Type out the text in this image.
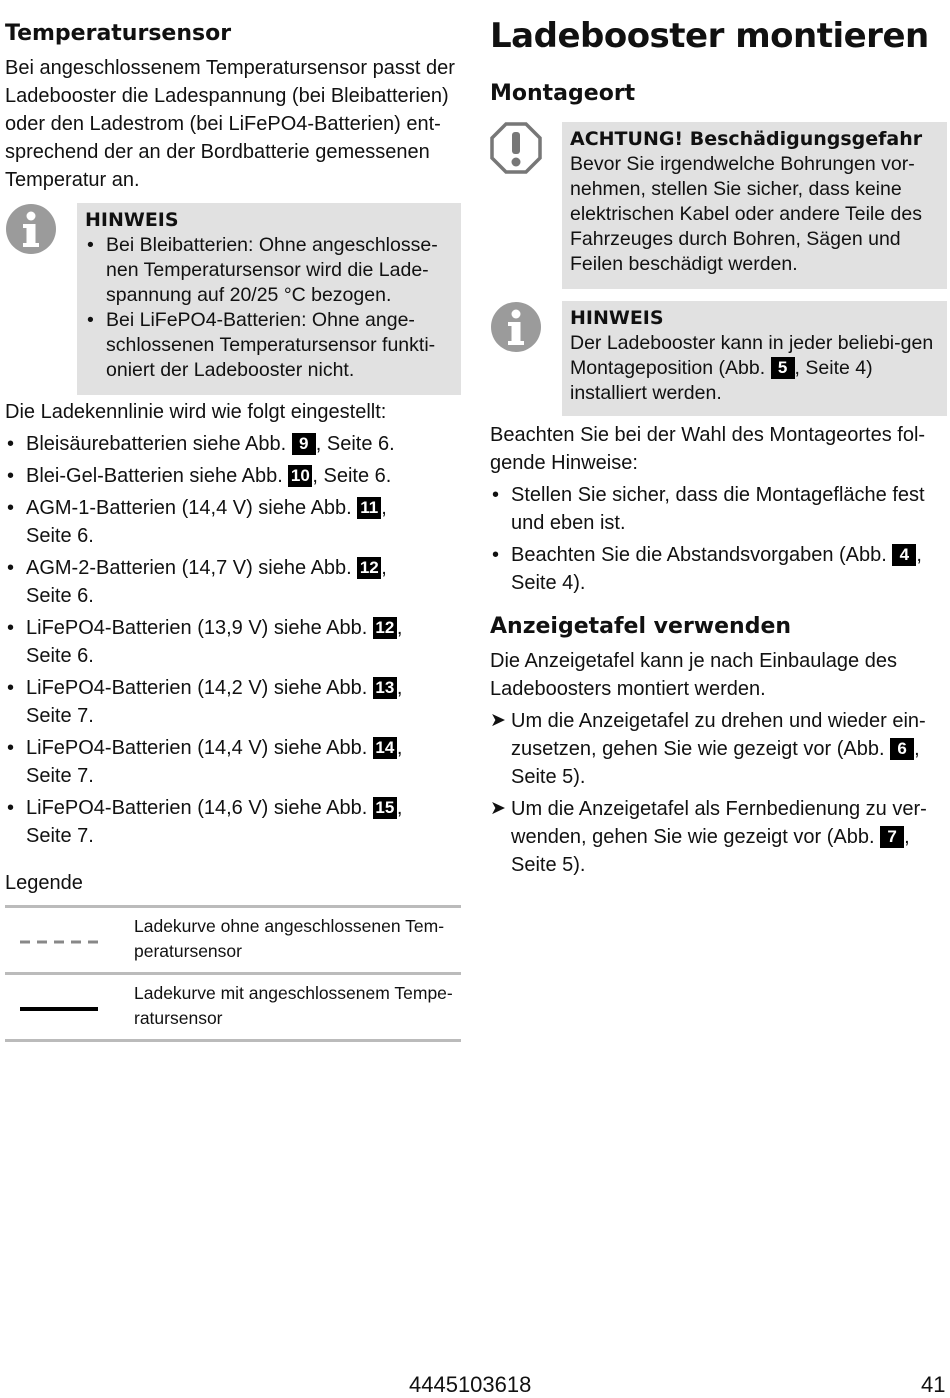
Temperatursensor

Bei angeschlossenem Temperatursensor passt der Ladebooster die Ladespannung (bei Bleibatterien) oder den Ladestrom (bei LiFePO4-Batterien) ent-sprechend der an der Bordbatterie gemessenen Temperatur an.

HINWEIS
• Bei Bleibatterien: Ohne angeschlosse-nen Temperatursensor wird die Lade-spannung auf 20/25 °C bezogen.
• Bei LiFePO4-Batterien: Ohne ange-schlossenen Temperatursensor funkti-oniert der Ladebooster nicht.

Die Ladekennlinie wird wie folgt eingestellt:

• Bleisäurebatterien siehe Abb. 9 , Seite 6.
• Blei-Gel-Batterien siehe Abb. 10 , Seite 6.
• AGM-1-Batterien (14,4 V) siehe Abb. 11 , Seite 6.
• AGM-2-Batterien (14,7 V) siehe Abb. 12 , Seite 6.
• LiFePO4-Batterien (13,9 V) siehe Abb. 12 , Seite 6.
• LiFePO4-Batterien (14,2 V) siehe Abb. 13 , Seite 7.
• LiFePO4-Batterien (14,4 V) siehe Abb. 14 , Seite 7.
• LiFePO4-Batterien (14,6 V) siehe Abb. 15 , Seite 7.

Legende

	Ladekurve ohne angeschlossenen Tem-peratursensor
	Ladekurve mit angeschlossenem Tempe-ratursensor
Ladebooster montieren
Montageort
ACHTUNG! Beschädigungsgefahr

Bevor Sie irgendwelche Bohrungen vor-nehmen, stellen Sie sicher, dass keine elektrischen Kabel oder andere Teile des Fahrzeuges durch Bohren, Sägen und Feilen beschädigt werden.

HINWEIS

Der Ladebooster kann in jeder beliebi-gen Montageposition (Abb. 5 , Seite 4) installiert werden.

Beachten Sie bei der Wahl des Montageortes fol-gende Hinweise:

• Stellen Sie sicher, dass die Montagefläche fest und eben ist.
• Beachten Sie die Abstandsvorgaben (Abb. 4 , Seite 4).
Anzeigetafel verwenden

Die Anzeigetafel kann je nach Einbaulage des Ladeboosters montiert werden.

➤ Um die Anzeigetafel zu drehen und wieder ein-zusetzen, gehen Sie wie gezeigt vor (Abb. 6 , Seite 5).
➤ Um die Anzeigetafel als Fernbedienung zu ver-wenden, gehen Sie wie gezeigt vor (Abb. 7 , Seite 5).
4445103618	41
